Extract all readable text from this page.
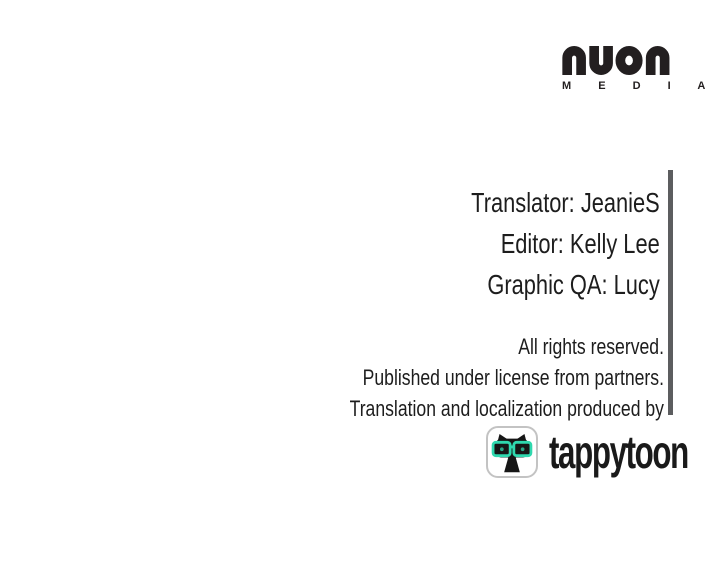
M E D I A
Translator: JeanieS
Editor: Kelly Lee
Graphic QA: Lucy
All rights reserved.
Published under license from partners.
Translation and localization produced by
tappytoon
